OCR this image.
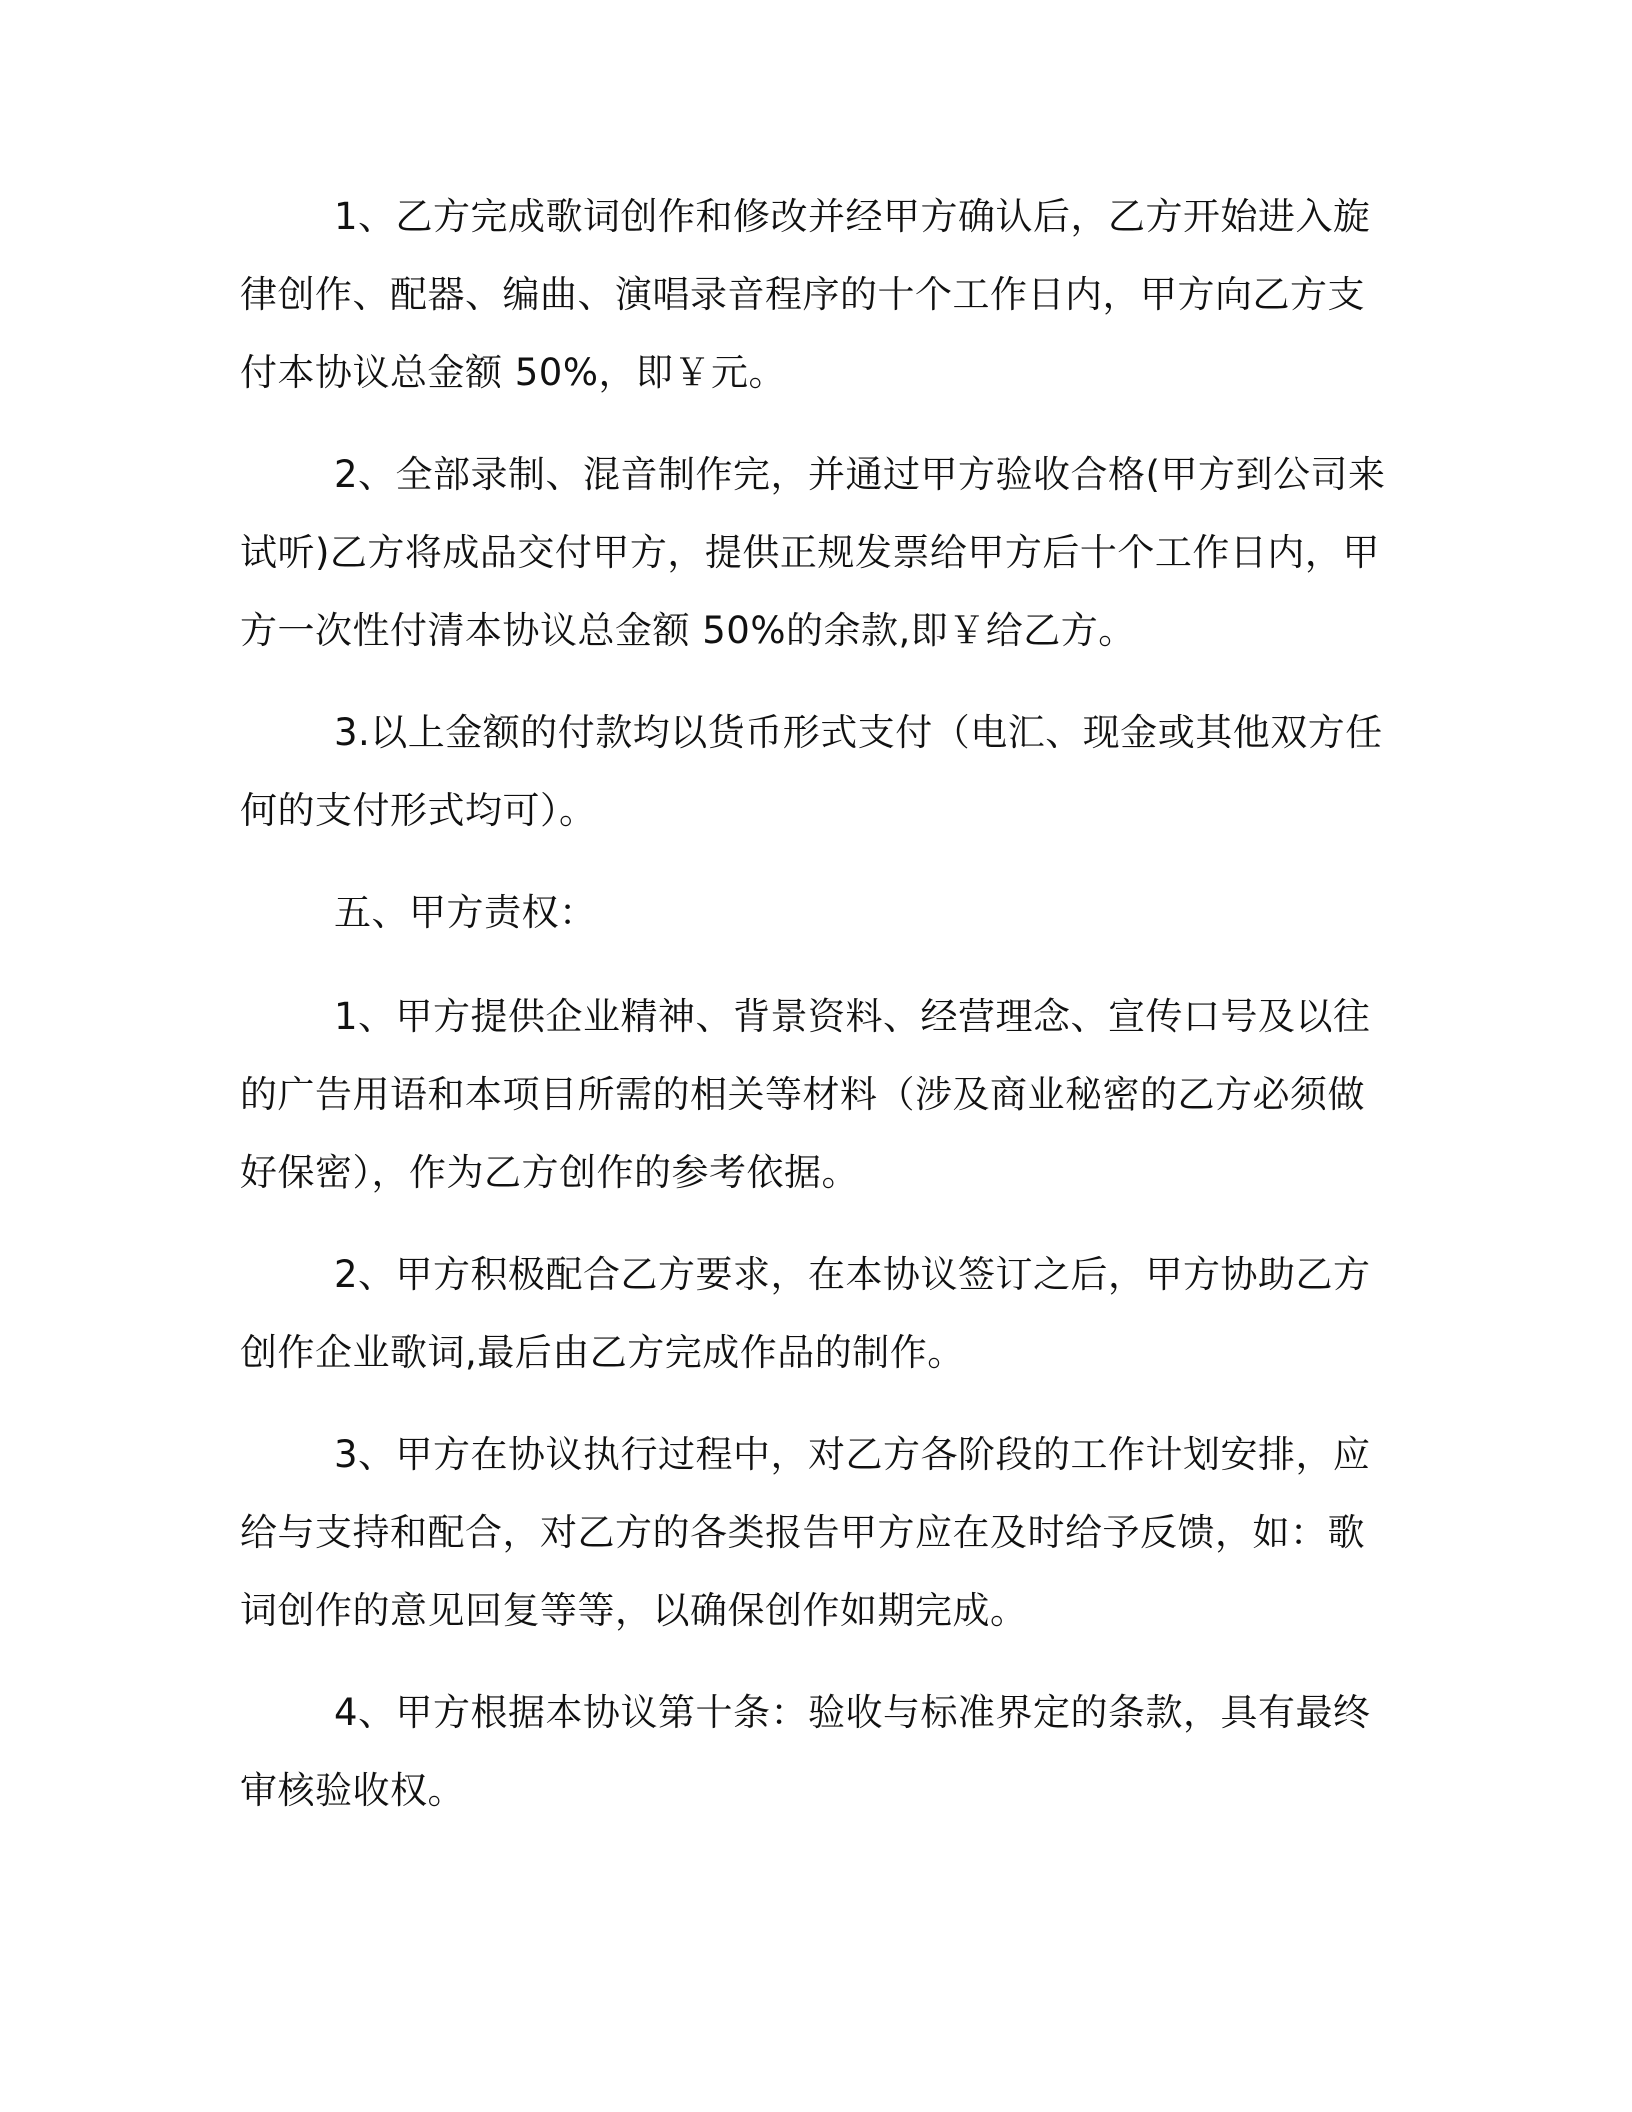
1、乙方完成歌词创作和修改并经甲方确认后，乙方开始进入旋
律创作、配器、编曲、演唱录音程序的十个工作日内，甲方向乙方支
付本协议总金额 50%，即￥元。

2、全部录制、混音制作完，并通过甲方验收合格(甲方到公司来
试听)乙方将成品交付甲方，提供正规发票给甲方后十个工作日内，甲
方一次性付清本协议总金额 50%的余款,即￥给乙方。

3.以上金额的付款均以货币形式支付（电汇、现金或其他双方任
何的支付形式均可）。

五、甲方责权：

1、甲方提供企业精神、背景资料、经营理念、宣传口号及以往
的广告用语和本项目所需的相关等材料（涉及商业秘密的乙方必须做
好保密），作为乙方创作的参考依据。

2、甲方积极配合乙方要求，在本协议签订之后，甲方协助乙方
创作企业歌词,最后由乙方完成作品的制作。

3、甲方在协议执行过程中，对乙方各阶段的工作计划安排，应
给与支持和配合，对乙方的各类报告甲方应在及时给予反馈，如：歌
词创作的意见回复等等，以确保创作如期完成。

4、甲方根据本协议第十条：验收与标准界定的条款，具有最终
审核验收权。
